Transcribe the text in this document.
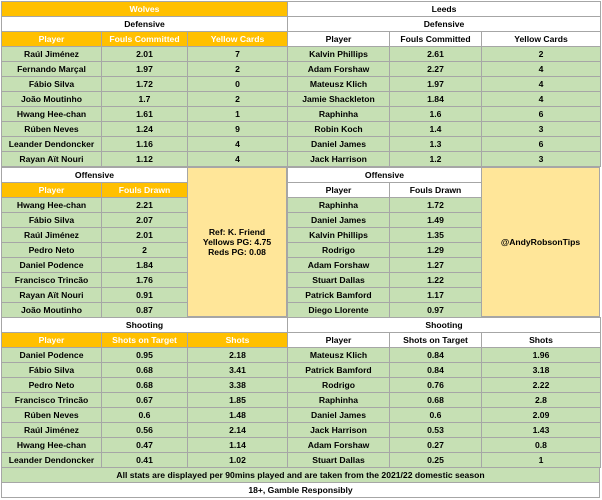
Wolves		
Defensive		
Player	Fouls Committed	Yellow Cards
Raúl Jiménez	2.01	7
Fernando Marçal	1.97	2
Fábio Silva	1.72	0
João Moutinho	1.7	2
Hwang Hee-chan	1.61	1
Rúben Neves	1.24	9
Leander Dendoncker	1.16	4
Rayan Aït Nouri	1.12	4
Leeds		
Defensive		
Player	Fouls Committed	Yellow Cards
Kalvin Phillips	2.61	2
Adam Forshaw	2.27	4
Mateusz Klich	1.97	4
Jamie Shackleton	1.84	4
Raphinha	1.6	6
Robin Koch	1.4	3
Daniel James	1.3	6
Jack Harrison	1.2	3
Offensive	
Player	Fouls Drawn
Hwang Hee-chan	2.21
Fábio Silva	2.07
Raúl Jiménez	2.01
Pedro Neto	2
Daniel Podence	1.84
Francisco Trincão	1.76
Rayan Aït Nouri	0.91
João Moutinho	0.87
Ref: K. Friend
Yellows PG: 4.75
Reds PG: 0.08
Offensive	
Player	Fouls Drawn
Raphinha	1.72
Daniel James	1.49
Kalvin Phillips	1.35
Rodrigo	1.29
Adam Forshaw	1.27
Stuart Dallas	1.22
Patrick Bamford	1.17
Diego Llorente	0.97
@AndyRobsonTips
Shooting		
Player	Shots on Target	Shots
Daniel Podence	0.95	2.18
Fábio Silva	0.68	3.41
Pedro Neto	0.68	3.38
Francisco Trincão	0.67	1.85
Rúben Neves	0.6	1.48
Raúl Jiménez	0.56	2.14
Hwang Hee-chan	0.47	1.14
Leander Dendoncker	0.41	1.02
Shooting		
Player	Shots on Target	Shots
Mateusz Klich	0.84	1.96
Patrick Bamford	0.84	3.18
Rodrigo	0.76	2.22
Raphinha	0.68	2.8
Daniel James	0.6	2.09
Jack Harrison	0.53	1.43
Adam Forshaw	0.27	0.8
Stuart Dallas	0.25	1
All stats are displayed per 90mins played and are taken from the 2021/22 domestic season
18+, Gamble Responsibly
